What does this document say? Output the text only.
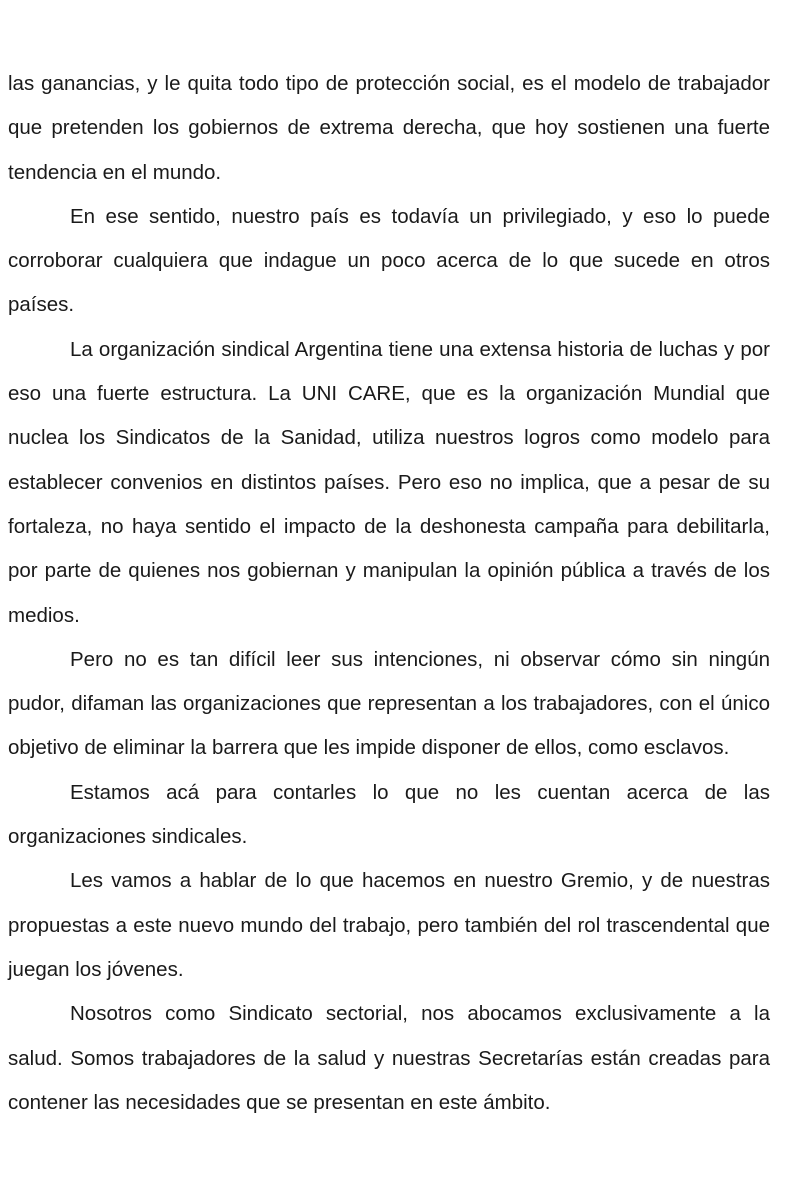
las ganancias, y le quita todo tipo de protección social, es el modelo de trabajador que pretenden los gobiernos de extrema derecha, que hoy sostienen una fuerte tendencia en el mundo.

En ese sentido, nuestro país es todavía un privilegiado, y eso lo puede corroborar cualquiera que indague un poco acerca de lo que sucede en otros países.

La organización sindical Argentina tiene una extensa historia de luchas y por eso una fuerte estructura. La UNI CARE, que es la organización Mundial que nuclea los Sindicatos de la Sanidad, utiliza nuestros logros como modelo para establecer convenios en distintos países. Pero eso no implica, que a pesar de su fortaleza, no haya sentido el impacto de la deshonesta campaña para debilitarla, por parte de quienes nos gobiernan y manipulan la opinión pública a través de los medios.

Pero no es tan difícil leer sus intenciones, ni observar cómo sin ningún pudor, difaman las organizaciones que representan a los trabajadores, con el único objetivo de eliminar la barrera que les impide disponer de ellos, como esclavos.

Estamos acá para contarles lo que no les cuentan acerca de las organizaciones sindicales.

Les vamos a hablar de lo que hacemos en nuestro Gremio, y de nuestras propuestas a este nuevo mundo del trabajo, pero también del rol trascendental que juegan los jóvenes.

Nosotros como Sindicato sectorial, nos abocamos exclusivamente a la salud. Somos trabajadores de la salud y nuestras Secretarías están creadas para contener las necesidades que se presentan en este ámbito.
